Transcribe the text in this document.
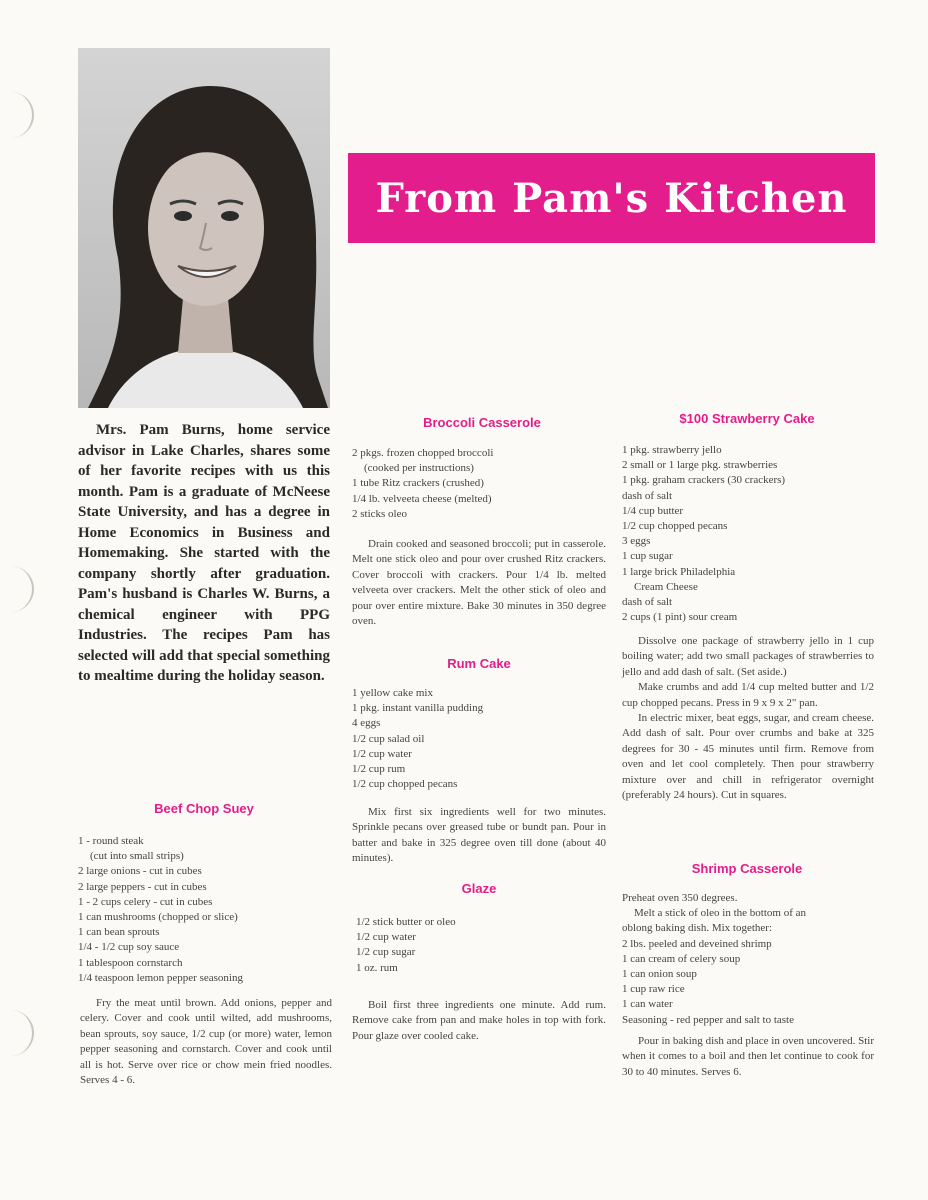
From Pam's Kitchen

Mrs. Pam Burns, home service advisor in Lake Charles, shares some of her favorite recipes with us this month. Pam is a graduate of McNeese State University, and has a degree in Home Economics in Business and Homemaking. She started with the company shortly after graduation. Pam's husband is Charles W. Burns, a chemical engineer with PPG Industries. The recipes Pam has selected will add that special something to mealtime during the holiday season.

Broccoli Casserole
2 pkgs. frozen chopped broccoli
(cooked per instructions)
1 tube Ritz crackers (crushed)
1/4 lb. velveeta cheese (melted)
2 sticks oleo

Drain cooked and seasoned broccoli; put in casserole. Melt one stick oleo and pour over crushed Ritz crackers. Cover broccoli with crackers. Pour 1/4 lb. melted velveeta over crackers. Melt the other stick of oleo and pour over entire mixture. Bake 30 minutes in 350 degree oven.

Rum Cake
1 yellow cake mix
1 pkg. instant vanilla pudding
4 eggs
1/2 cup salad oil
1/2 cup water
1/2 cup rum
1/2 cup chopped pecans

Mix first six ingredients well for two minutes. Sprinkle pecans over greased tube or bundt pan. Pour in batter and bake in 325 degree oven till done (about 40 minutes).

Glaze
1/2 stick butter or oleo
1/2 cup water
1/2 cup sugar
1 oz. rum

Boil first three ingredients one minute. Add rum. Remove cake from pan and make holes in top with fork. Pour glaze over cooled cake.

Beef Chop Suey
1 - round steak
(cut into small strips)
2 large onions - cut in cubes
2 large peppers - cut in cubes
1 - 2 cups celery - cut in cubes
1 can mushrooms (chopped or slice)
1 can bean sprouts
1/4 - 1/2 cup soy sauce
1 tablespoon cornstarch
1/4 teaspoon lemon pepper seasoning

Fry the meat until brown. Add onions, pepper and celery. Cover and cook until wilted, add mushrooms, bean sprouts, soy sauce, 1/2 cup (or more) water, lemon pepper seasoning and cornstarch. Cover and cook until all is hot. Serve over rice or chow mein fried noodles. Serves 4 - 6.

$100 Strawberry Cake
1 pkg. strawberry jello
2 small or 1 large pkg. strawberries
1 pkg. graham crackers (30 crackers)
dash of salt
1/4 cup butter
1/2 cup chopped pecans
3 eggs
1 cup sugar
1 large brick Philadelphia
Cream Cheese
dash of salt
2 cups (1 pint) sour cream

Dissolve one package of strawberry jello in 1 cup boiling water; add two small packages of strawberries to jello and add dash of salt. (Set aside.)

Make crumbs and add 1/4 cup melted butter and 1/2 cup chopped pecans. Press in 9 x 9 x 2" pan.

In electric mixer, beat eggs, sugar, and cream cheese. Add dash of salt. Pour over crumbs and bake at 325 degrees for 30 - 45 minutes until firm. Remove from oven and let cool completely. Then pour strawberry mixture over and chill in refrigerator overnight (preferably 24 hours). Cut in squares.

Shrimp Casserole
Preheat oven 350 degrees.
Melt a stick of oleo in the bottom of an
oblong baking dish. Mix together:
2 lbs. peeled and deveined shrimp
1 can cream of celery soup
1 can onion soup
1 cup raw rice
1 can water
Seasoning - red pepper and salt to taste

Pour in baking dish and place in oven uncovered. Stir when it comes to a boil and then let continue to cook for 30 to 40 minutes. Serves 6.
